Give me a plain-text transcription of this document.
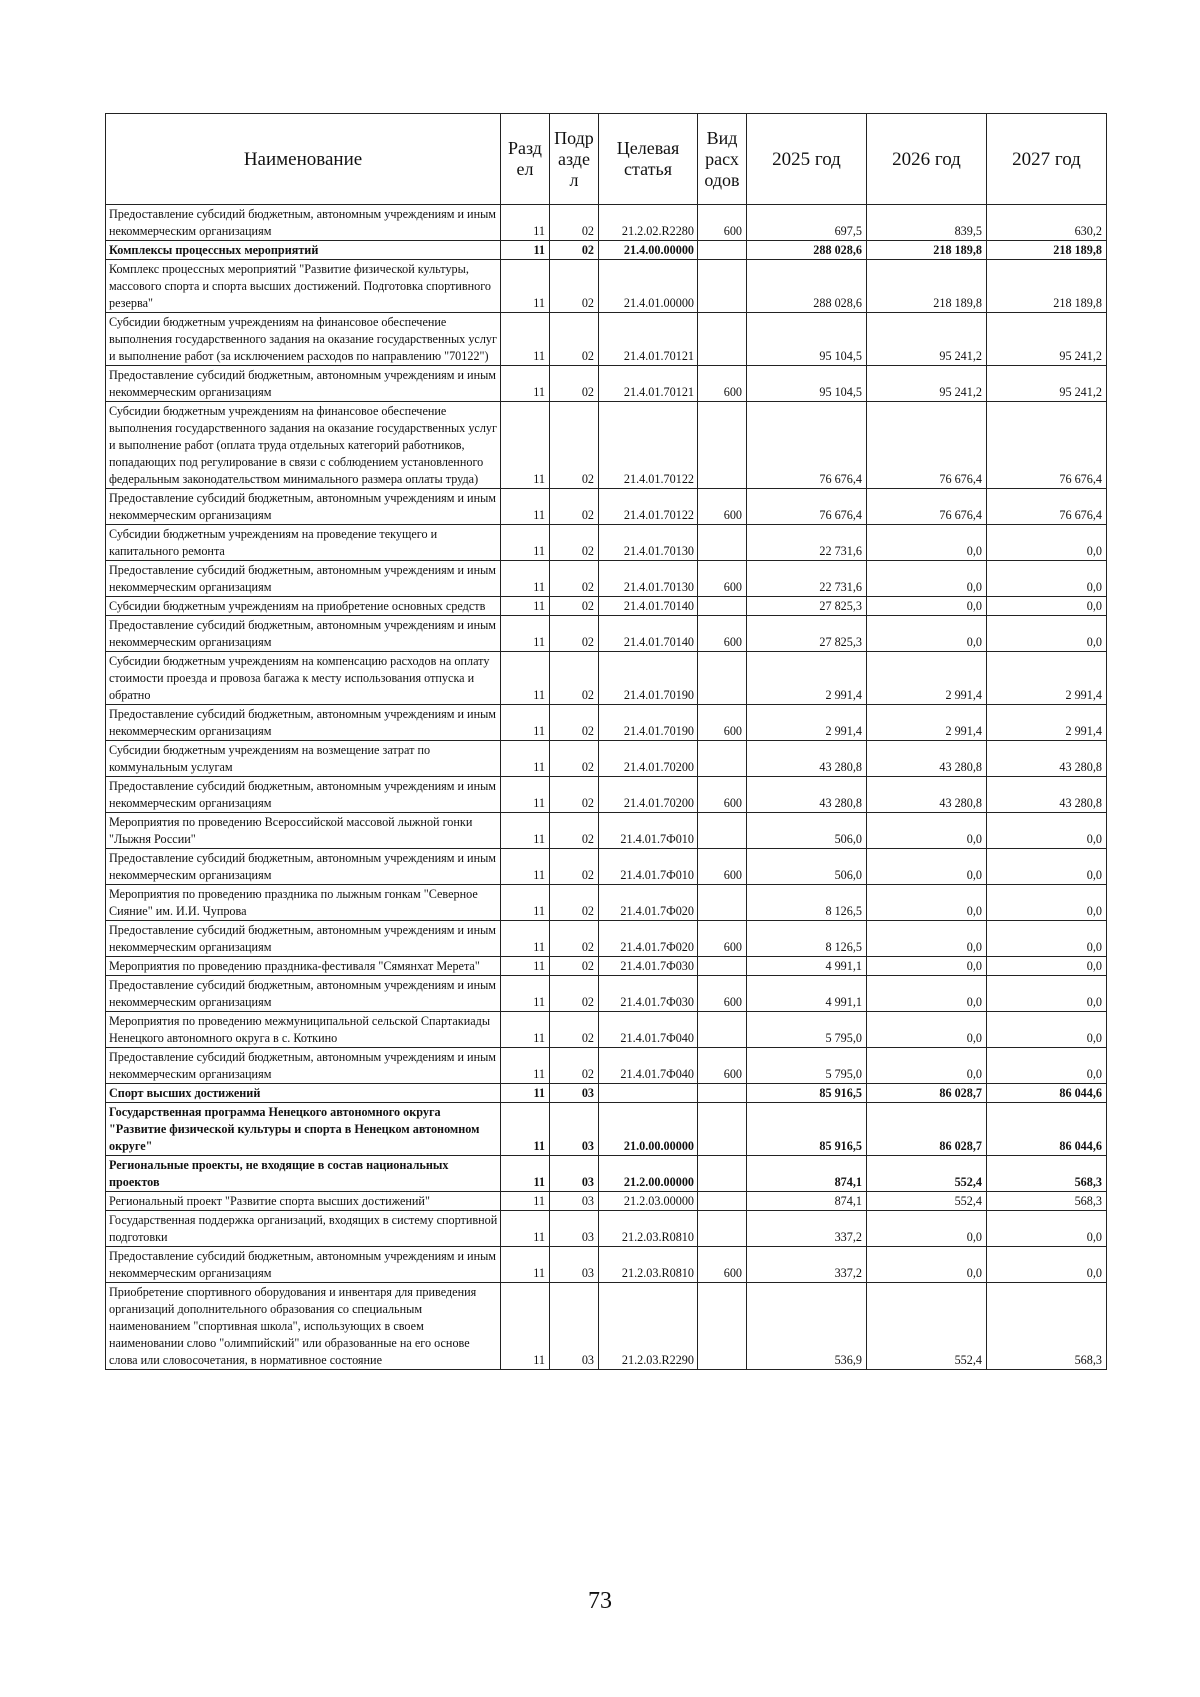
Наименование	Разд ел	Подр азде л	Целевая статья	Вид расх одов	2025 год	2026 год	2027 год
Предоставление субсидий бюджетным, автономным учреждениям и иным некоммерческим организациям	11	02	21.2.02.R2280	600	697,5	839,5	630,2
Комплексы процессных мероприятий	11	02	21.4.00.00000		288 028,6	218 189,8	218 189,8
Комплекс процессных мероприятий "Развитие физической культуры, массового спорта и спорта высших достижений. Подготовка спортивного резерва"	11	02	21.4.01.00000		288 028,6	218 189,8	218 189,8
Субсидии бюджетным учреждениям на финансовое обеспечение выполнения государственного задания на оказание государственных услуг и выполнение работ (за исключением расходов по направлению "70122")	11	02	21.4.01.70121		95 104,5	95 241,2	95 241,2
Предоставление субсидий бюджетным, автономным учреждениям и иным некоммерческим организациям	11	02	21.4.01.70121	600	95 104,5	95 241,2	95 241,2
Субсидии бюджетным учреждениям на финансовое обеспечение выполнения государственного задания на оказание государственных услуг и выполнение работ (оплата труда отдельных категорий работников, попадающих под регулирование в связи с соблюдением установленного федеральным законодательством минимального размера оплаты труда)	11	02	21.4.01.70122		76 676,4	76 676,4	76 676,4
Предоставление субсидий бюджетным, автономным учреждениям и иным некоммерческим организациям	11	02	21.4.01.70122	600	76 676,4	76 676,4	76 676,4
Субсидии бюджетным учреждениям на проведение текущего и капитального ремонта	11	02	21.4.01.70130		22 731,6	0,0	0,0
Предоставление субсидий бюджетным, автономным учреждениям и иным некоммерческим организациям	11	02	21.4.01.70130	600	22 731,6	0,0	0,0
Субсидии бюджетным учреждениям на приобретение основных средств	11	02	21.4.01.70140		27 825,3	0,0	0,0
Предоставление субсидий бюджетным, автономным учреждениям и иным некоммерческим организациям	11	02	21.4.01.70140	600	27 825,3	0,0	0,0
Субсидии бюджетным учреждениям на компенсацию расходов на оплату стоимости проезда и провоза багажа к месту использования отпуска и обратно	11	02	21.4.01.70190		2 991,4	2 991,4	2 991,4
Предоставление субсидий бюджетным, автономным учреждениям и иным некоммерческим организациям	11	02	21.4.01.70190	600	2 991,4	2 991,4	2 991,4
Субсидии бюджетным учреждениям на возмещение затрат по коммунальным услугам	11	02	21.4.01.70200		43 280,8	43 280,8	43 280,8
Предоставление субсидий бюджетным, автономным учреждениям и иным некоммерческим организациям	11	02	21.4.01.70200	600	43 280,8	43 280,8	43 280,8
Мероприятия по проведению Всероссийской массовой лыжной гонки "Лыжня России"	11	02	21.4.01.7Ф010		506,0	0,0	0,0
Предоставление субсидий бюджетным, автономным учреждениям и иным некоммерческим организациям	11	02	21.4.01.7Ф010	600	506,0	0,0	0,0
Мероприятия по проведению праздника по лыжным гонкам "Северное Сияние" им. И.И. Чупрова	11	02	21.4.01.7Ф020		8 126,5	0,0	0,0
Предоставление субсидий бюджетным, автономным учреждениям и иным некоммерческим организациям	11	02	21.4.01.7Ф020	600	8 126,5	0,0	0,0
Мероприятия по проведению праздника-фестиваля "Сямянхат Мерета"	11	02	21.4.01.7Ф030		4 991,1	0,0	0,0
Предоставление субсидий бюджетным, автономным учреждениям и иным некоммерческим организациям	11	02	21.4.01.7Ф030	600	4 991,1	0,0	0,0
Мероприятия по проведению межмуниципальной сельской Спартакиады Ненецкого автономного округа в с. Коткино	11	02	21.4.01.7Ф040		5 795,0	0,0	0,0
Предоставление субсидий бюджетным, автономным учреждениям и иным некоммерческим организациям	11	02	21.4.01.7Ф040	600	5 795,0	0,0	0,0
Спорт высших достижений	11	03			85 916,5	86 028,7	86 044,6
Государственная программа Ненецкого автономного округа "Развитие физической культуры и спорта в Ненецком автономном округе"	11	03	21.0.00.00000		85 916,5	86 028,7	86 044,6
Региональные проекты, не входящие в состав национальных проектов	11	03	21.2.00.00000		874,1	552,4	568,3
Региональный проект "Развитие спорта высших достижений"	11	03	21.2.03.00000		874,1	552,4	568,3
Государственная поддержка организаций, входящих в систему спортивной подготовки	11	03	21.2.03.R0810		337,2	0,0	0,0
Предоставление субсидий бюджетным, автономным учреждениям и иным некоммерческим организациям	11	03	21.2.03.R0810	600	337,2	0,0	0,0
Приобретение спортивного оборудования и инвентаря для приведения организаций дополнительного образования со специальным наименованием "спортивная школа", использующих в своем наименовании слово "олимпийский" или образованные на его основе слова или словосочетания, в нормативное состояние	11	03	21.2.03.R2290		536,9	552,4	568,3
73
